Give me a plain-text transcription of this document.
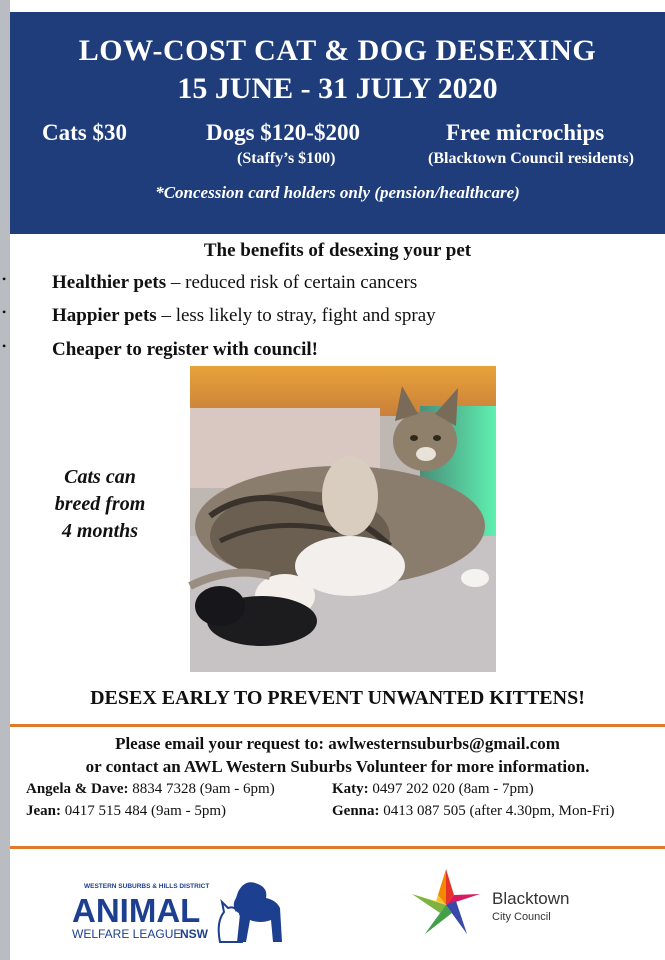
LOW-COST CAT & DOG DESEXING
15 JUNE - 31 JULY 2020
Cats $30	Dogs $120-$200
(Staffy’s $100)
Free microchips
(Blacktown Council residents)
*Concession card holders only (pension/healthcare)
The benefits of desexing your pet
• Healthier pets – reduced risk of certain cancers
• Happier pets – less likely to stray, fight and spray
• Cheaper to register with council!
Cats can
breed from
4 months
DESEX EARLY TO PREVENT UNWANTED KITTENS!
Please email your request to: awlwesternsuburbs@gmail.com
or contact an AWL Western Suburbs Volunteer for more information.
Angela & Dave: 8834 7328 (9am - 6pm)	Katy: 0497 202 020 (8am - 7pm)
Jean: 0417 515 484 (9am - 5pm)	Genna: 0413 087 505 (after 4.30pm, Mon-Fri)
WESTERN SUBURBS & HILLS DISTRICT
ANIMAL
WELFARE LEAGUE
NSW
Blacktown
City Council
